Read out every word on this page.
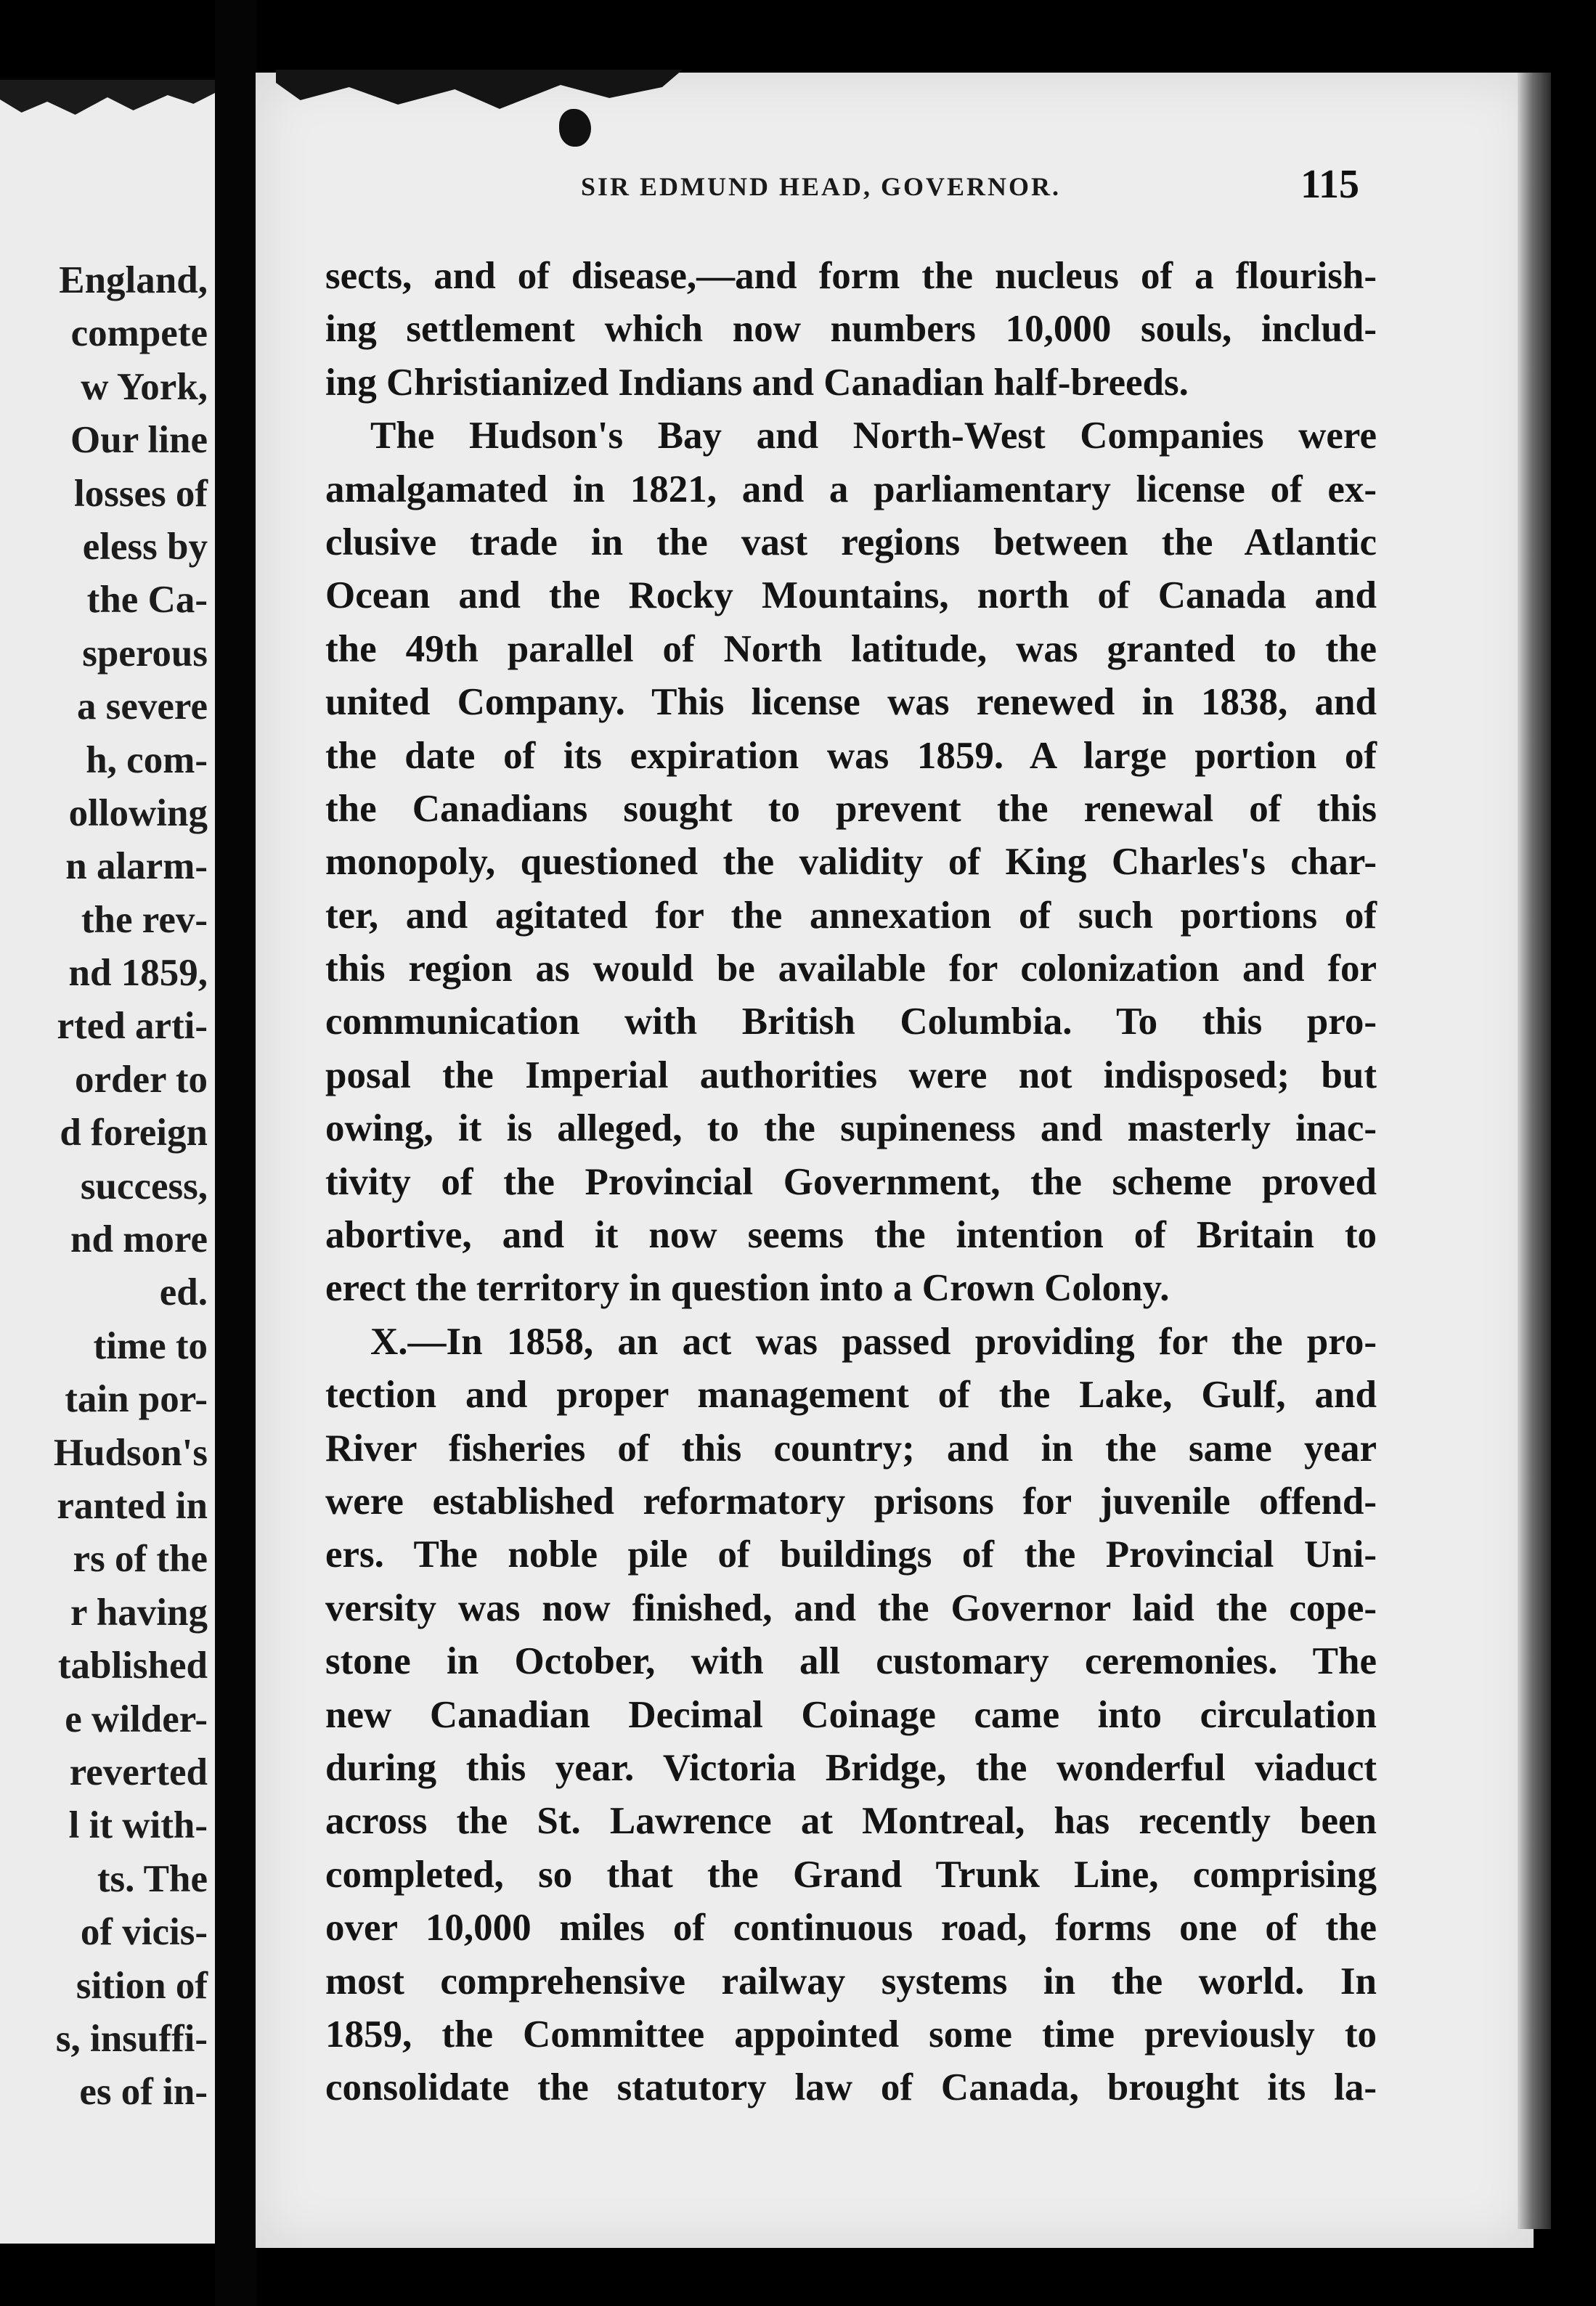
England,
compete
w York,
Our line
losses of
eless by
the Ca-
sperous
a severe
h, com-
ollowing
n alarm-
the rev-
nd 1859,
rted arti-
order to
d foreign
success,
nd more
ed.
time to
tain por-
Hudson's
ranted in
rs of the
r having
tablished
e wilder-
reverted
l it with-
ts. The
of vicis-
sition of
s, insuffi-
es of in-
SIR EDMUND HEAD, GOVERNOR.	115
sects, and of disease,—and form the nucleus of a flourish-
ing settlement which now numbers 10,000 souls, includ-
ing Christianized Indians and Canadian half-breeds.
The Hudson's Bay and North-West Companies were
amalgamated in 1821, and a parliamentary license of ex-
clusive trade in the vast regions between the Atlantic
Ocean and the Rocky Mountains, north of Canada and
the 49th parallel of North latitude, was granted to the
united Company. This license was renewed in 1838, and
the date of its expiration was 1859. A large portion of
the Canadians sought to prevent the renewal of this
monopoly, questioned the validity of King Charles's char-
ter, and agitated for the annexation of such portions of
this region as would be available for colonization and for
communication with British Columbia. To this pro-
posal the Imperial authorities were not indisposed; but
owing, it is alleged, to the supineness and masterly inac-
tivity of the Provincial Government, the scheme proved
abortive, and it now seems the intention of Britain to
erect the territory in question into a Crown Colony.
X.—In 1858, an act was passed providing for the pro-
tection and proper management of the Lake, Gulf, and
River fisheries of this country; and in the same year
were established reformatory prisons for juvenile offend-
ers. The noble pile of buildings of the Provincial Uni-
versity was now finished, and the Governor laid the cope-
stone in October, with all customary ceremonies. The
new Canadian Decimal Coinage came into circulation
during this year. Victoria Bridge, the wonderful viaduct
across the St. Lawrence at Montreal, has recently been
completed, so that the Grand Trunk Line, comprising
over 10,000 miles of continuous road, forms one of the
most comprehensive railway systems in the world. In
1859, the Committee appointed some time previously to
consolidate the statutory law of Canada, brought its la-
